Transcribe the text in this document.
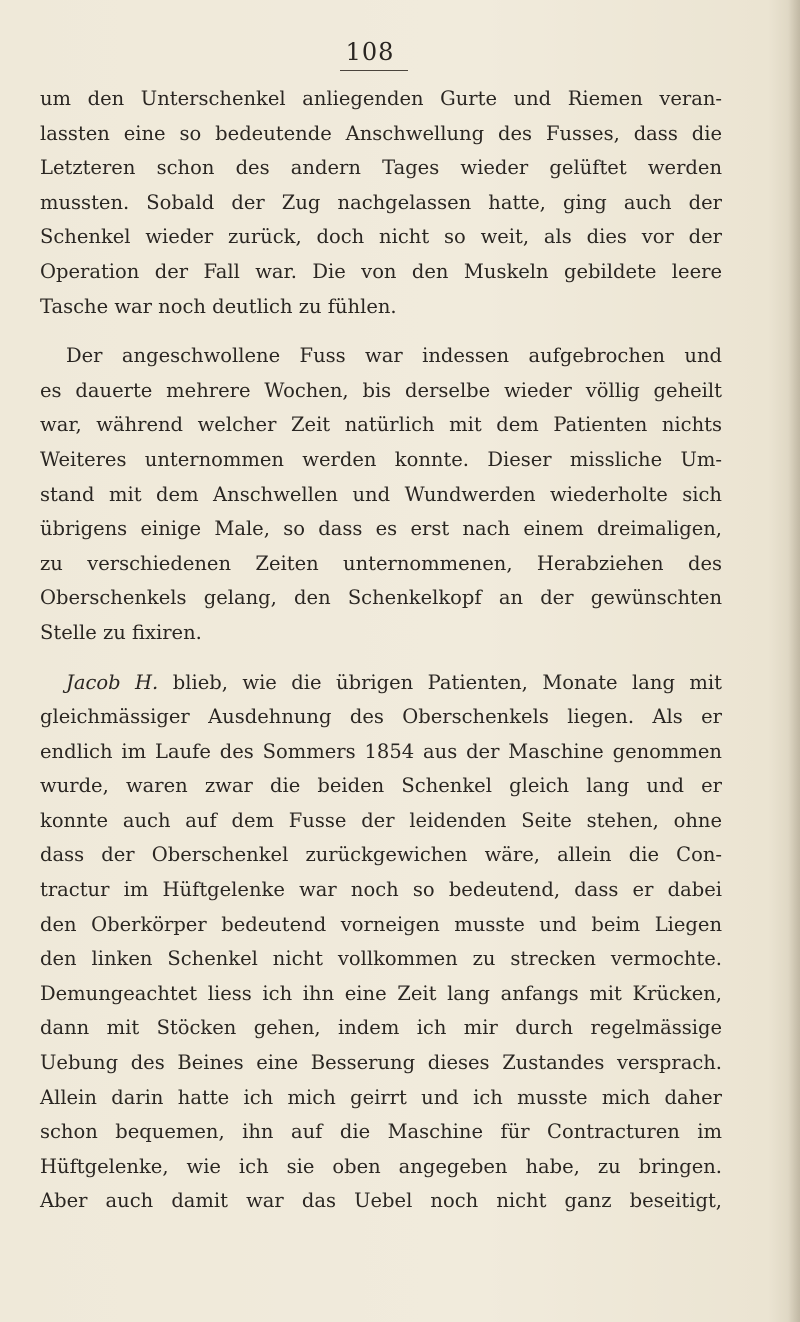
108
um den Unterschenkel anliegenden Gurte und Riemen veran-
lassten eine so bedeutende Anschwellung des Fusses, dass die
Letzteren schon des andern Tages wieder gelüftet werden
mussten. Sobald der Zug nachgelassen hatte, ging auch der
Schenkel wieder zurück, doch nicht so weit, als dies vor der
Operation der Fall war. Die von den Muskeln gebildete leere
Tasche war noch deutlich zu fühlen.
Der angeschwollene Fuss war indessen aufgebrochen und
es dauerte mehrere Wochen, bis derselbe wieder völlig geheilt
war, während welcher Zeit natürlich mit dem Patienten nichts
Weiteres unternommen werden konnte. Dieser missliche Um-
stand mit dem Anschwellen und Wundwerden wiederholte sich
übrigens einige Male, so dass es erst nach einem dreimaligen,
zu verschiedenen Zeiten unternommenen, Herabziehen des
Oberschenkels gelang, den Schenkelkopf an der gewünschten
Stelle zu fixiren.
Jacob H. blieb, wie die übrigen Patienten, Monate lang mit
gleichmässiger Ausdehnung des Oberschenkels liegen. Als er
endlich im Laufe des Sommers 1854 aus der Maschine genommen
wurde, waren zwar die beiden Schenkel gleich lang und er
konnte auch auf dem Fusse der leidenden Seite stehen, ohne
dass der Oberschenkel zurückgewichen wäre, allein die Con-
tractur im Hüftgelenke war noch so bedeutend, dass er dabei
den Oberkörper bedeutend vorneigen musste und beim Liegen
den linken Schenkel nicht vollkommen zu strecken vermochte.
Demungeachtet liess ich ihn eine Zeit lang anfangs mit Krücken,
dann mit Stöcken gehen, indem ich mir durch regelmässige
Uebung des Beines eine Besserung dieses Zustandes versprach.
Allein darin hatte ich mich geirrt und ich musste mich daher
schon bequemen, ihn auf die Maschine für Contracturen im
Hüftgelenke, wie ich sie oben angegeben habe, zu bringen.
Aber auch damit war das Uebel noch nicht ganz beseitigt,
